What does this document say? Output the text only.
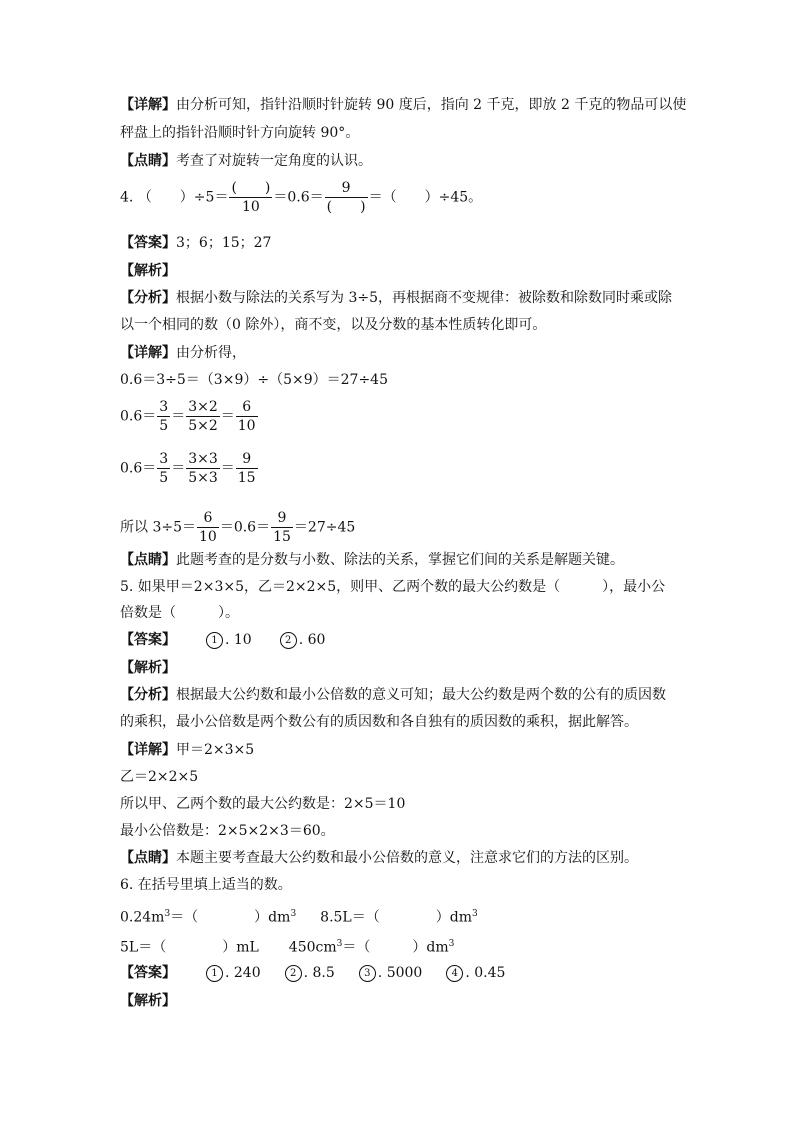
【详解】由分析可知，指针沿顺时针旋转 90 度后，指向 2 千克，即放 2 千克的物品可以使
秤盘上的指针沿顺时针方向旋转 90°。
【点睛】考查了对旋转一定角度的认识。
4. （　　）÷5＝
(　　)
10
＝0.6＝
9
(　　)
＝（　　）÷45。
【答案】3；6；15；27
【解析】
【分析】根据小数与除法的关系写为 3÷5，再根据商不变规律：被除数和除数同时乘或除
以一个相同的数（0 除外），商不变，以及分数的基本性质转化即可。
【详解】由分析得，
0.6＝3÷5＝（3×9）÷（5×9）＝27÷45
$0.6= \frac{3}{5} = \frac{3\times 2}{5\times 2} = \frac{6}{10}$
$0.6= \frac{3}{5} = \frac{3\times 3}{5\times 3} = \frac{9}{15}$
所以 $3\div 5= \frac{6}{10} =0.6= \frac{9}{15} =27\div 45$
【点睛】此题考查的是分数与小数、除法的关系，掌握它们间的关系是解题关键。
5. 如果甲＝2×3×5，乙＝2×2×5，则甲、乙两个数的最大公约数是（　　　），最小公
倍数是（　　　）。
【答案】	1 . 10	2 . 60
【解析】
【分析】根据最大公约数和最小公倍数的意义可知；最大公约数是两个数的公有的质因数
的乘积，最小公倍数是两个数公有的质因数和各自独有的质因数的乘积，据此解答。
【详解】甲＝2×3×5
乙＝2×2×5
所以甲、乙两个数的最大公约数是：2×5＝10
最小公倍数是：2×5×2×3＝60。
【点睛】本题主要考查最大公约数和最小公倍数的意义，注意求它们的方法的区别。
6. 在括号里填上适当的数。
$0.24m^3=$（　　　　）$dm^3$ 8.5L＝（　　　　）$dm^3$
5L＝（　　　　）mL $450cm^3=$（　　　）$dm^3$
【答案】	1 . 240	2 . 8.5	3 . 5000	4 . 0.45
【解析】
